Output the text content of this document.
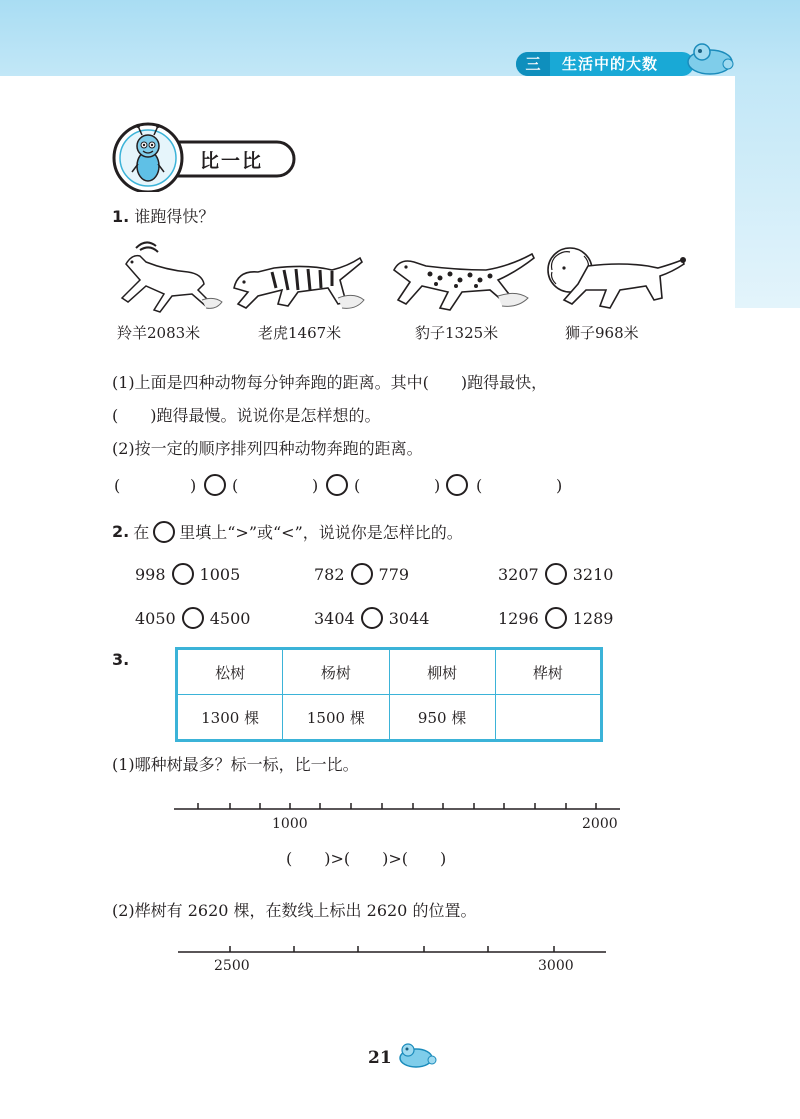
三	生活中的大数
比一比
1. 谁跑得快？
羚羊2083米	老虎1467米	豹子1325米	狮子968米
(1)上面是四种动物每分钟奔跑的距离。其中(　　)跑得最快，
(　　)跑得最慢。说说你是怎样想的。
(2)按一定的顺序排列四种动物奔跑的距离。
(	) (	) (	) (	)
2. 在 里填上“>”或“<”，说说你是怎样比的。
998 1005	782 779	3207 3210
4050 4500	3404 3044	1296 1289
3.
松树	杨树	柳树	桦树
1300 棵	1500 棵	950 棵	
(1)哪种树最多？标一标，比一比。
1000	2000
(　　)>(　　)>(　　)
(2)桦树有 2620 棵，在数线上标出 2620 的位置。
2500	3000
21
